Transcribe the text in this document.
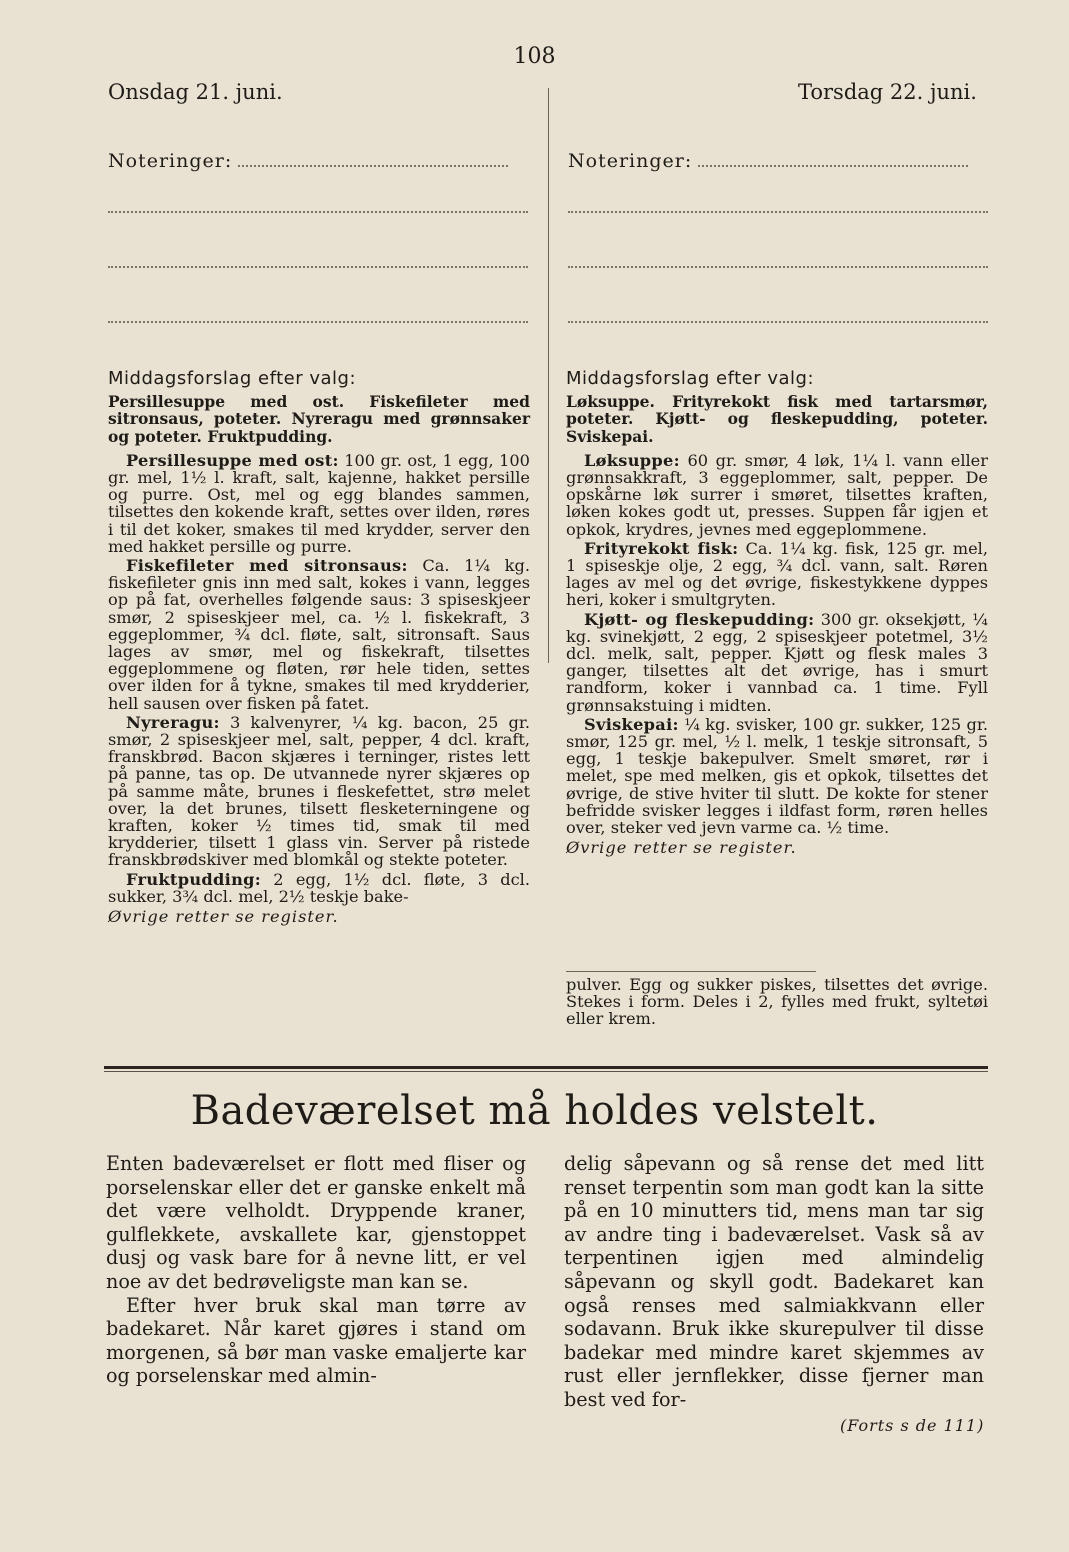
108
Onsdag 21. juni.	Torsdag 22. juni.
Noteringer:	Noteringer:

Middagsforslag efter valg:

Persillesuppe med ost. Fiskefileter med sitronsaus, poteter. Nyreragu med grønnsaker og poteter. Fruktpudding.

Persillesuppe med ost: 100 gr. ost, 1 egg, 100 gr. mel, 1½ l. kraft, salt, kajenne, hakket persille og purre. Ost, mel og egg blandes sammen, tilsettes den kokende kraft, settes over ilden, røres i til det koker, smakes til med krydder, server den med hakket persille og purre.

Fiskefileter med sitronsaus: Ca. 1¼ kg. fiskefileter gnis inn med salt, kokes i vann, legges op på fat, overhelles følgende saus: 3 spiseskjeer smør, 2 spiseskjeer mel, ca. ½ l. fiskekraft, 3 eggeplommer, ¾ dcl. fløte, salt, sitronsaft. Saus lages av smør, mel og fiskekraft, tilsettes eggeplommene og fløten, rør hele tiden, settes over ilden for å tykne, smakes til med krydderier, hell sausen over fisken på fatet.

Nyreragu: 3 kalvenyrer, ¼ kg. bacon, 25 gr. smør, 2 spiseskjeer mel, salt, pepper, 4 dcl. kraft, franskbrød. Bacon skjæres i terninger, ristes lett på panne, tas op. De utvannede nyrer skjæres op på samme måte, brunes i fleskefettet, strø melet over, la det brunes, tilsett flesketerningene og kraften, koker ½ times tid, smak til med krydderier, tilsett 1 glass vin. Server på ristede franskbrødskiver med blomkål og stekte poteter.

Fruktpudding: 2 egg, 1½ dcl. fløte, 3 dcl. sukker, 3¾ dcl. mel, 2½ teskje bake-

Øvrige retter se register.

Middagsforslag efter valg:

Løksuppe. Frityrekokt fisk med tartarsmør, poteter. Kjøtt- og fleskepudding, poteter. Sviskepai.

Løksuppe: 60 gr. smør, 4 løk, 1¼ l. vann eller grønnsakkraft, 3 eggeplommer, salt, pepper. De opskårne løk surrer i smøret, tilsettes kraften, løken kokes godt ut, presses. Suppen får igjen et opkok, krydres, jevnes med eggeplommene.

Frityrekokt fisk: Ca. 1¼ kg. fisk, 125 gr. mel, 1 spiseskje olje, 2 egg, ¾ dcl. vann, salt. Røren lages av mel og det øvrige, fiskestykkene dyppes heri, koker i smultgryten.

Kjøtt- og fleskepudding: 300 gr. oksekjøtt, ¼ kg. svinekjøtt, 2 egg, 2 spiseskjeer potetmel, 3½ dcl. melk, salt, pepper. Kjøtt og flesk males 3 ganger, tilsettes alt det øvrige, has i smurt randform, koker i vannbad ca. 1 time. Fyll grønnsakstuing i midten.

Sviskepai: ¼ kg. svisker, 100 gr. sukker, 125 gr. smør, 125 gr. mel, ½ l. melk, 1 teskje sitronsaft, 5 egg, 1 teskje bakepulver. Smelt smøret, rør i melet, spe med melken, gis et opkok, tilsettes det øvrige, de stive hviter til slutt. De kokte for stener befridde svisker legges i ildfast form, røren helles over, steker ved jevn varme ca. ½ time.

Øvrige retter se register.

pulver. Egg og sukker piskes, tilsettes det øvrige. Stekes i form. Deles i 2, fylles med frukt, syltetøi eller krem.
Badeværelset må holdes velstelt.

Enten badeværelset er flott med fliser og porselenskar eller det er ganske enkelt må det være velholdt. Dryppende kraner, gulflekkete, avskallete kar, gjenstoppet dusj og vask bare for å nevne litt, er vel noe av det bedrøveligste man kan se.

Efter hver bruk skal man tørre av badekaret. Når karet gjøres i stand om morgenen, så bør man vaske emaljerte kar og porselenskar med almin-

delig såpevann og så rense det med litt renset terpentin som man godt kan la sitte på en 10 minutters tid, mens man tar sig av andre ting i badeværelset. Vask så av terpentinen igjen med almindelig såpevann og skyll godt. Badekaret kan også renses med salmiakkvann eller sodavann. Bruk ikke skurepulver til disse badekar med mindre karet skjemmes av rust eller jernflekker, disse fjerner man best ved for-

(Forts s de 111)
